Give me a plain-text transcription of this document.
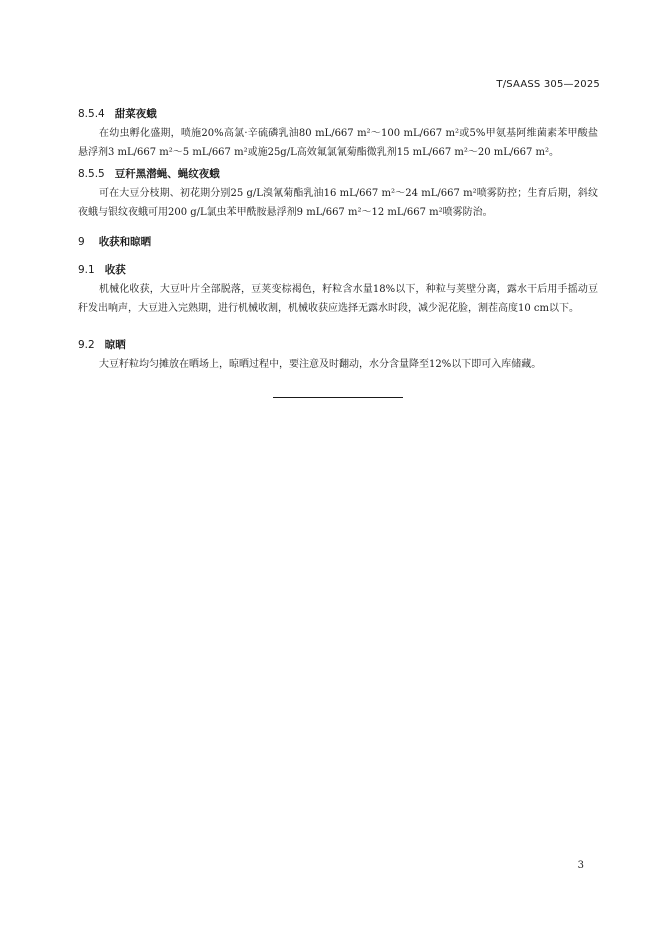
T/SAASS 305—2025
8.5.4 甜菜夜蛾
在幼虫孵化盛期，喷施20%高氯·辛硫磷乳油80 mL/667 m²～100 mL/667 m²或5%甲氨基阿维菌素苯甲酸盐悬浮剂3 mL/667 m²～5 mL/667 m²或施25g/L高效氟氯氰菊酯微乳剂15 mL/667 m²～20 mL/667 m²。
8.5.5 豆秆黑潜蝇、蝇纹夜蛾
可在大豆分枝期、初花期分别25 g/L溴氰菊酯乳油16 mL/667 m²～24 mL/667 m²喷雾防控；生育后期，斜纹夜蛾与银纹夜蛾可用200 g/L氯虫苯甲酰胺悬浮剂9 mL/667 m²～12 mL/667 m²喷雾防治。
9 收获和晾晒
9.1 收获
机械化收获，大豆叶片全部脱落，豆荚变棕褐色，籽粒含水量18%以下，种粒与荚壁分离，露水干后用手摇动豆秆发出响声，大豆进入完熟期，进行机械收割，机械收获应选择无露水时段，减少泥花脸，割茬高度10 cm以下。
9.2 晾晒
大豆籽粒均匀摊放在晒场上，晾晒过程中，要注意及时翻动，水分含量降至12%以下即可入库储藏。
3
